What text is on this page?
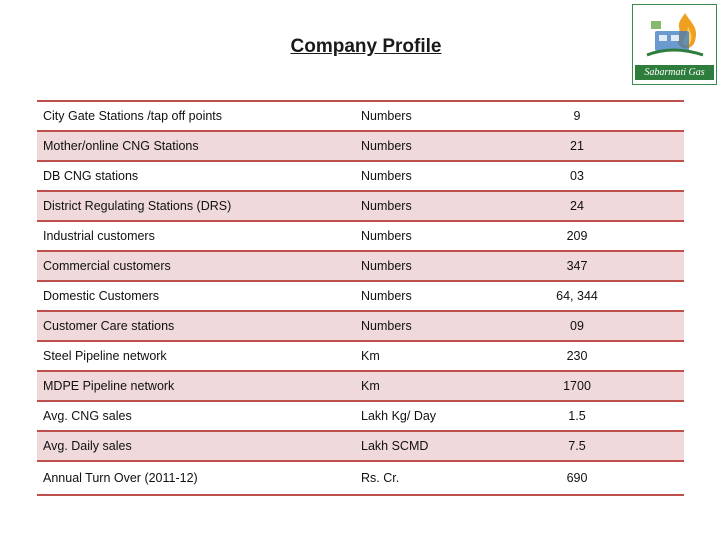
Company Profile
Sabarmati Gas
City Gate Stations /tap off points	Numbers	9
Mother/online CNG Stations	Numbers	21
DB CNG stations	Numbers	03
District Regulating Stations (DRS)	Numbers	24
Industrial customers	Numbers	209
Commercial customers	Numbers	347
Domestic Customers	Numbers	64, 344
Customer Care stations	Numbers	09
Steel Pipeline network	Km	230
MDPE Pipeline network	Km	1700
Avg. CNG sales	Lakh Kg/ Day	1.5
Avg. Daily sales	Lakh SCMD	7.5
Annual Turn Over (2011-12)	Rs. Cr.	690
